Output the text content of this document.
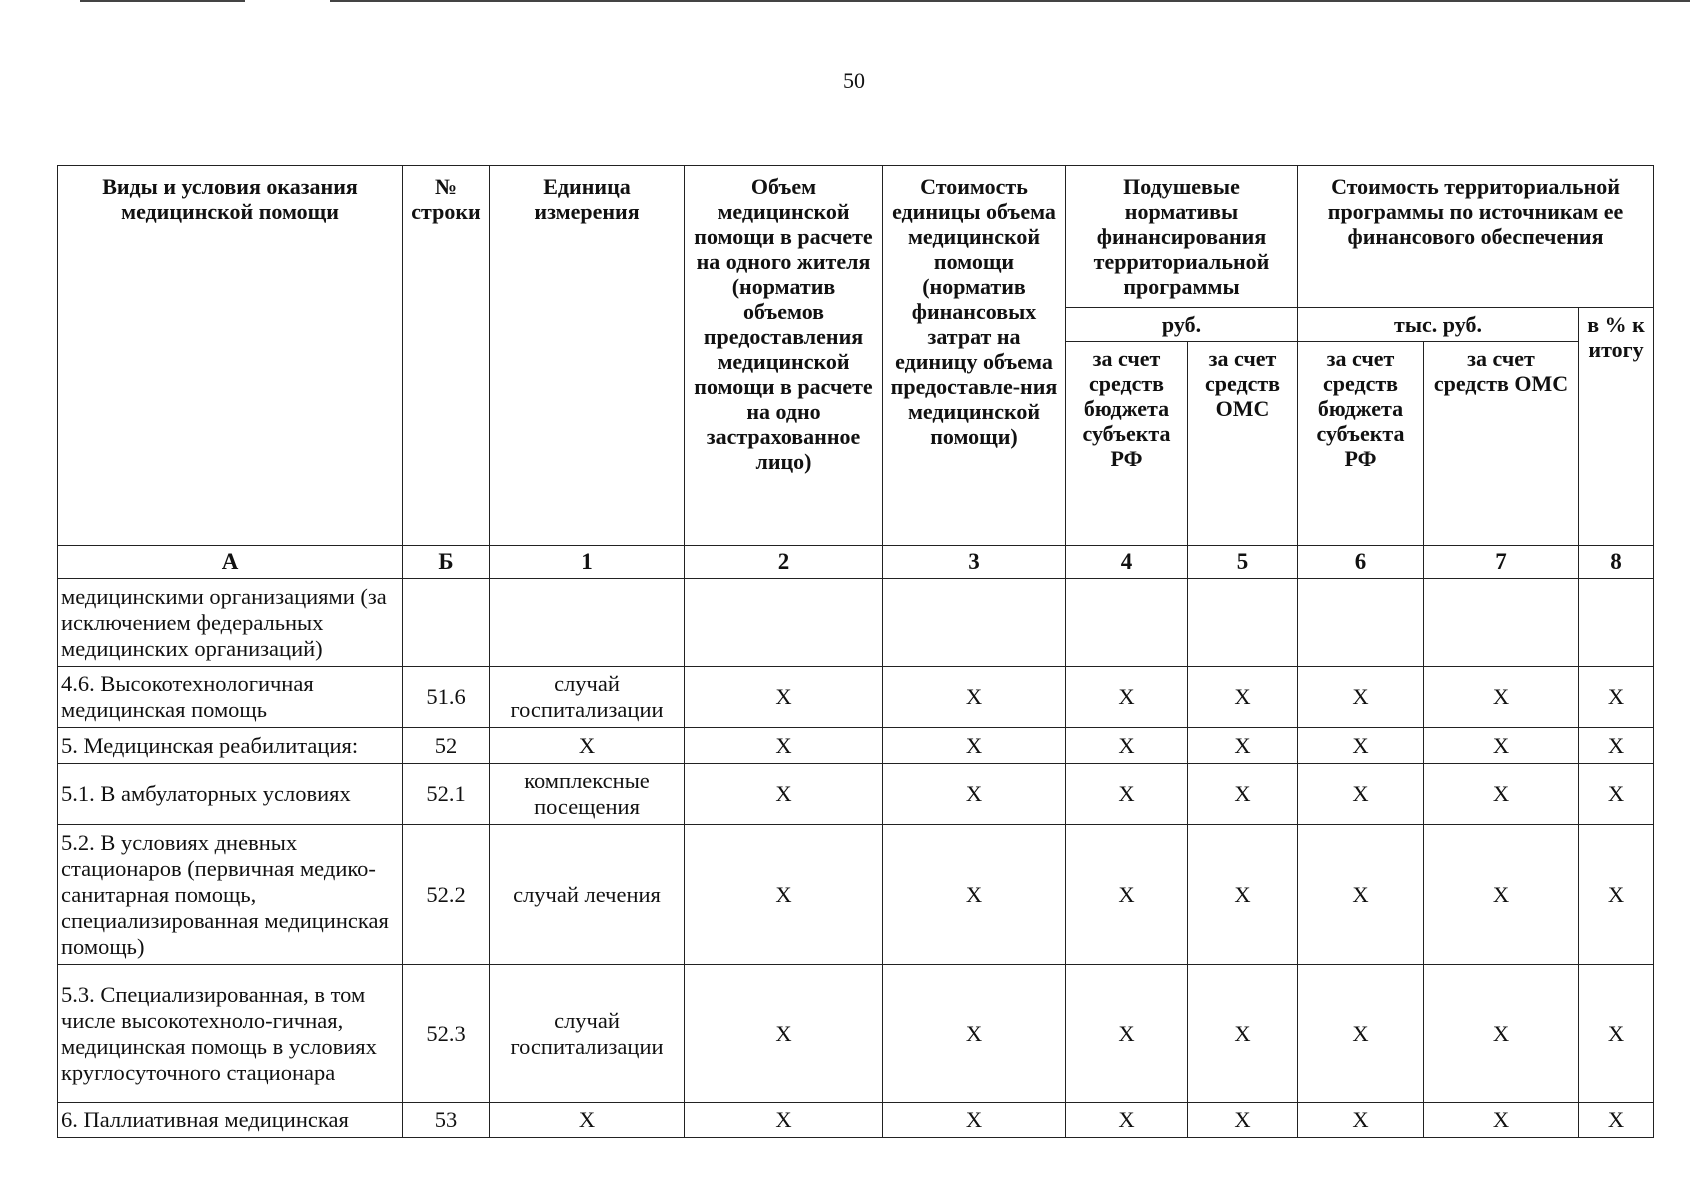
50
Виды и условия оказания медицинской помощи	№ строки	Единица измерения	Объем медицинской помощи в расчете на одного жителя (норматив объемов предоставления медицинской помощи в расчете на одно застрахованное лицо)	Стоимость единицы объема медицинской помощи (норматив финансовых затрат на единицу объема предоставле-ния медицинской помощи)	Подушевые нормативы финансирования территориальной программы		Стоимость территориальной программы по источникам ее финансового обеспечения		
					руб.		тыс. руб.		в % к итогу
					за счет средств бюджета субъекта РФ	за счет средств ОМС	за счет средств бюджета субъекта РФ	за счет средств ОМС	
А	Б	1	2	3	4	5	6	7	8
медицинскими организациями (за исключением федеральных медицинских организаций)									
4.6. Высокотехнологичная медицинская помощь	51.6	случай госпитализации	Х	Х	Х	Х	Х	Х	Х
5. Медицинская реабилитация:	52	Х	Х	Х	Х	Х	Х	Х	Х
5.1. В амбулаторных условиях	52.1	комплексные посещения	Х	Х	Х	Х	Х	Х	Х
5.2. В условиях дневных стационаров (первичная медико-санитарная помощь, специализированная медицинская помощь)	52.2	случай лечения	Х	Х	Х	Х	Х	Х	Х
5.3. Специализированная, в том числе высокотехноло-гичная, медицинская помощь в условиях круглосуточного стационара	52.3	случай госпитализации	Х	Х	Х	Х	Х	Х	Х
6. Паллиативная медицинская	53	Х	Х	Х	Х	Х	Х	Х	Х
